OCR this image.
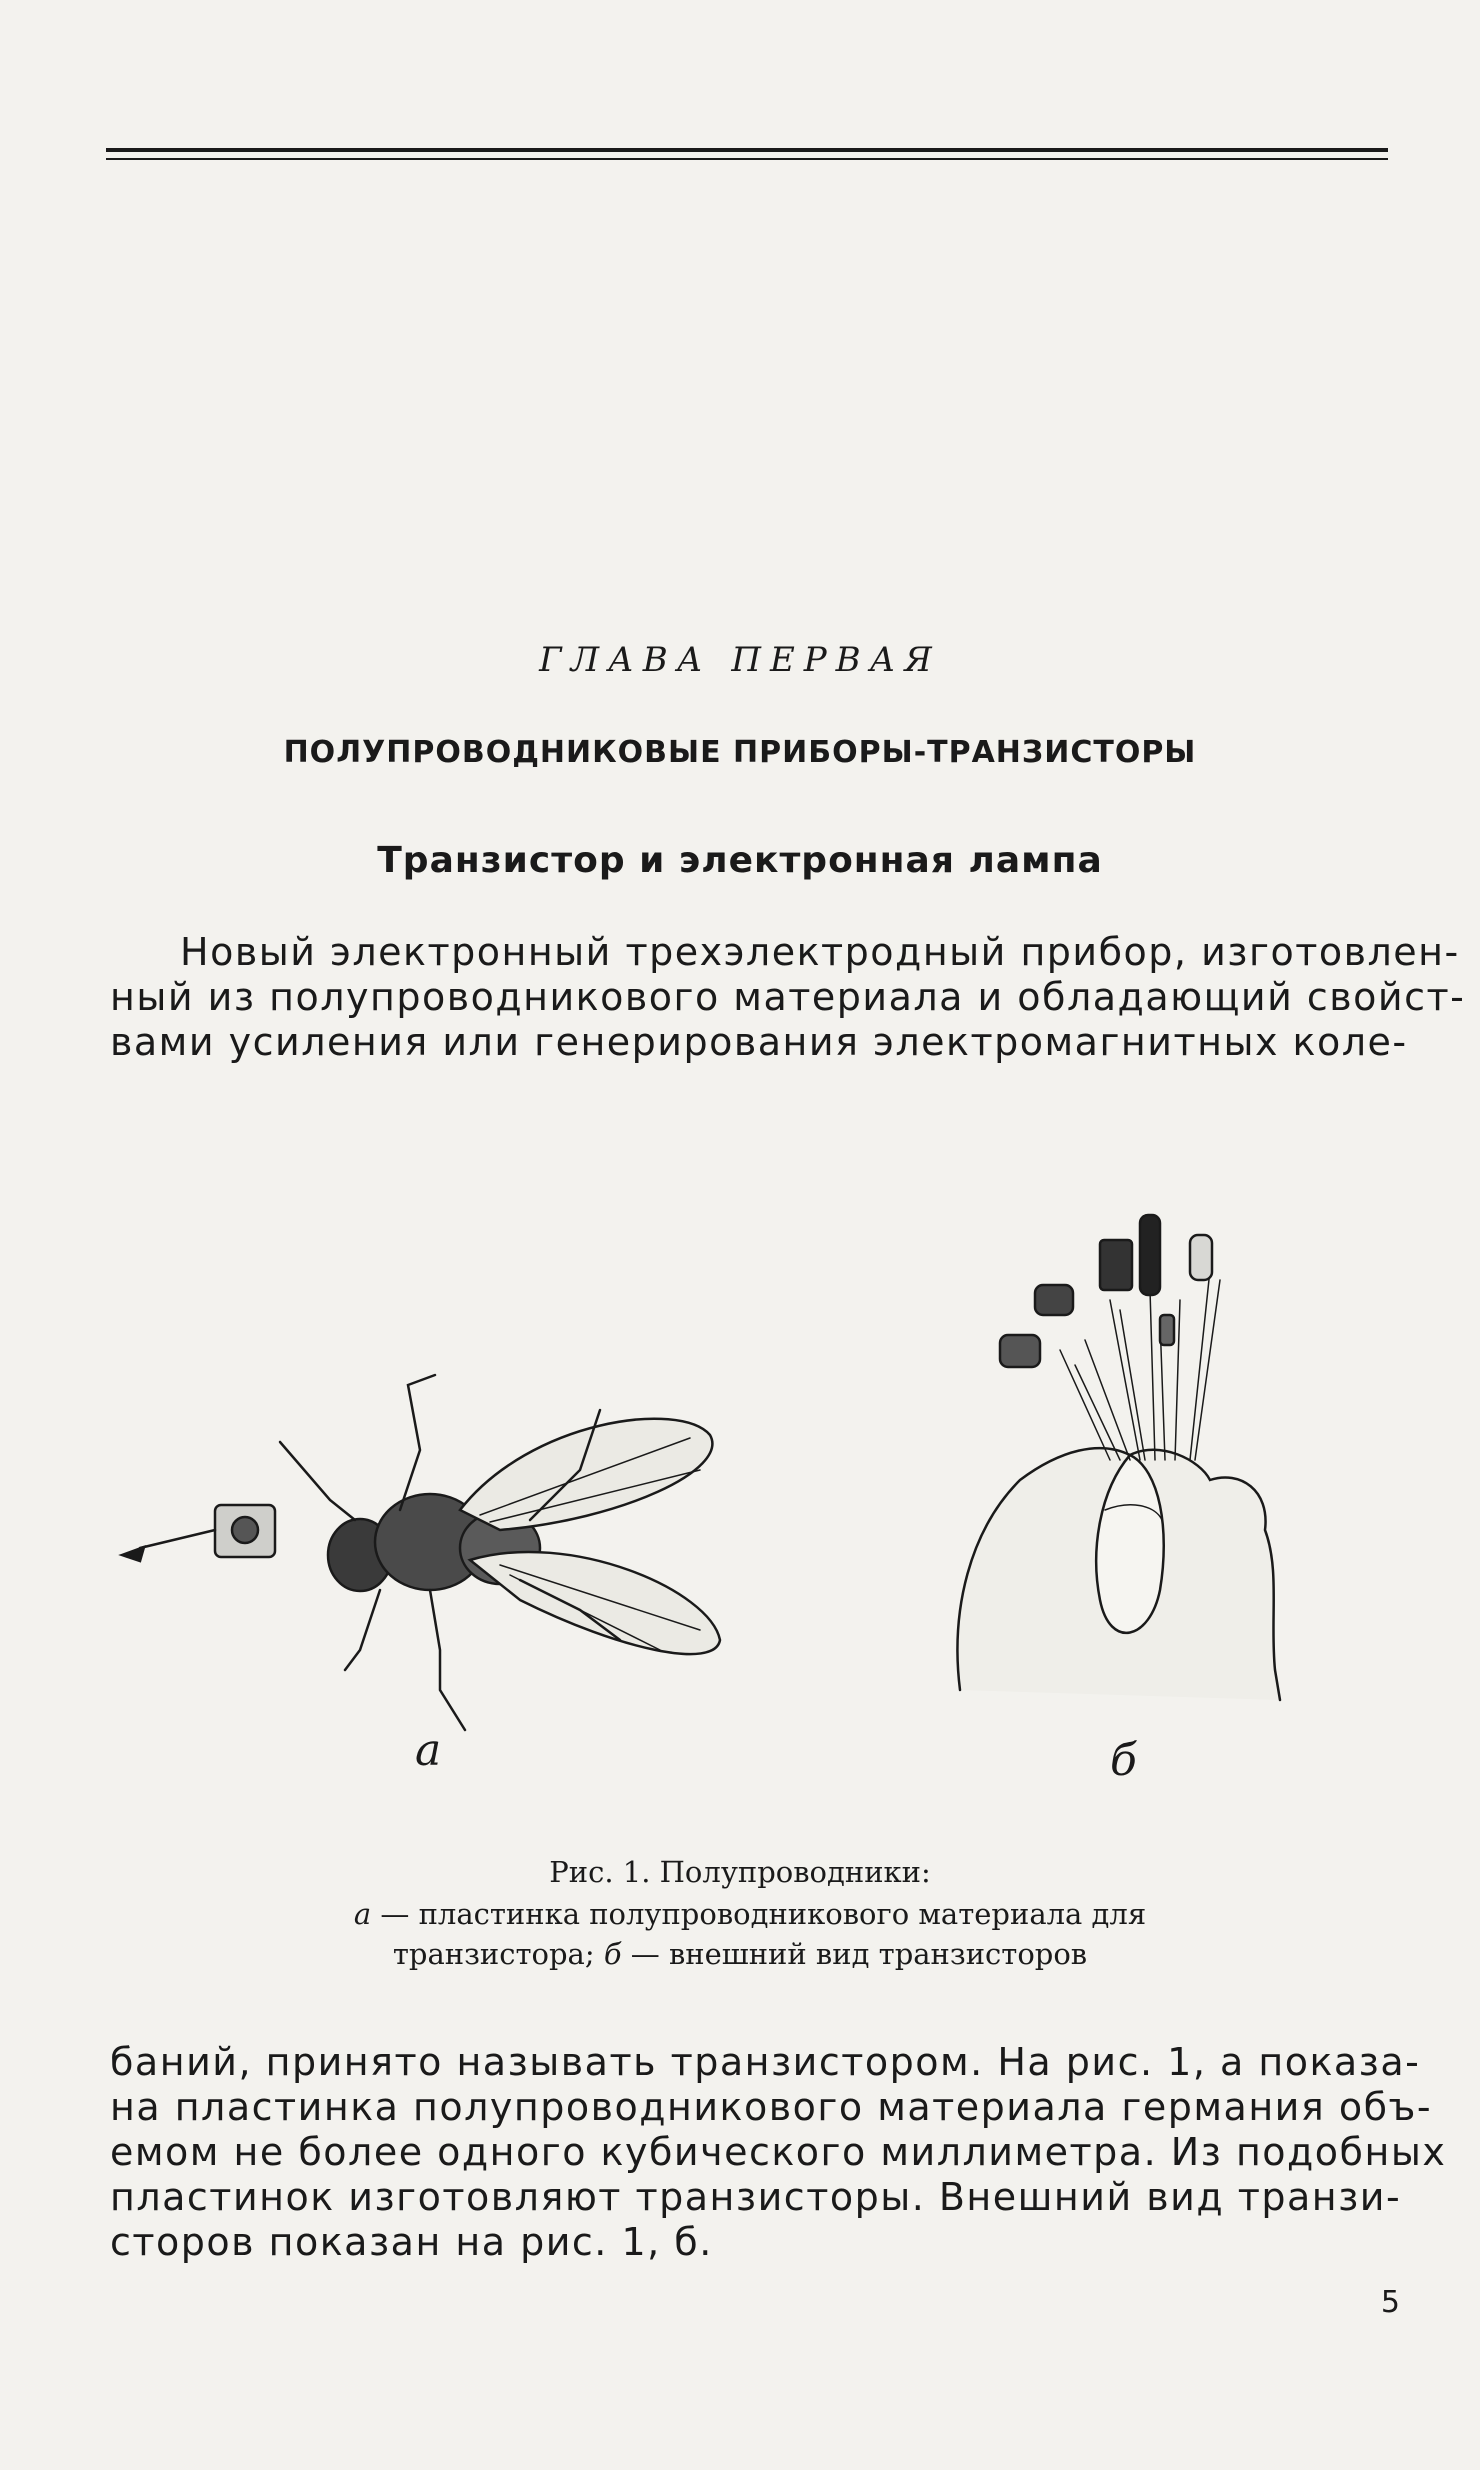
ГЛАВА ПЕРВАЯ
ПОЛУПРОВОДНИКОВЫЕ ПРИБОРЫ-ТРАНЗИСТОРЫ
Транзистор и электронная лампа

Новый электронный трехэлектродный прибор, изготовлен-
ный из полупроводникового материала и обладающий свойст-
вами усиления или генерирования электромагнитных коле-

а	б
Рис. 1. Полупроводники:
а — пластинка полупроводникового материала для
транзистора; б — внешний вид транзисторов

баний, принято называть транзистором. На рис. 1, а показа-
на пластинка полупроводникового материала германия объ-
емом не более одного кубического миллиметра. Из подобных
пластинок изготовляют транзисторы. Внешний вид транзи-
сторов показан на рис. 1, б.

5
